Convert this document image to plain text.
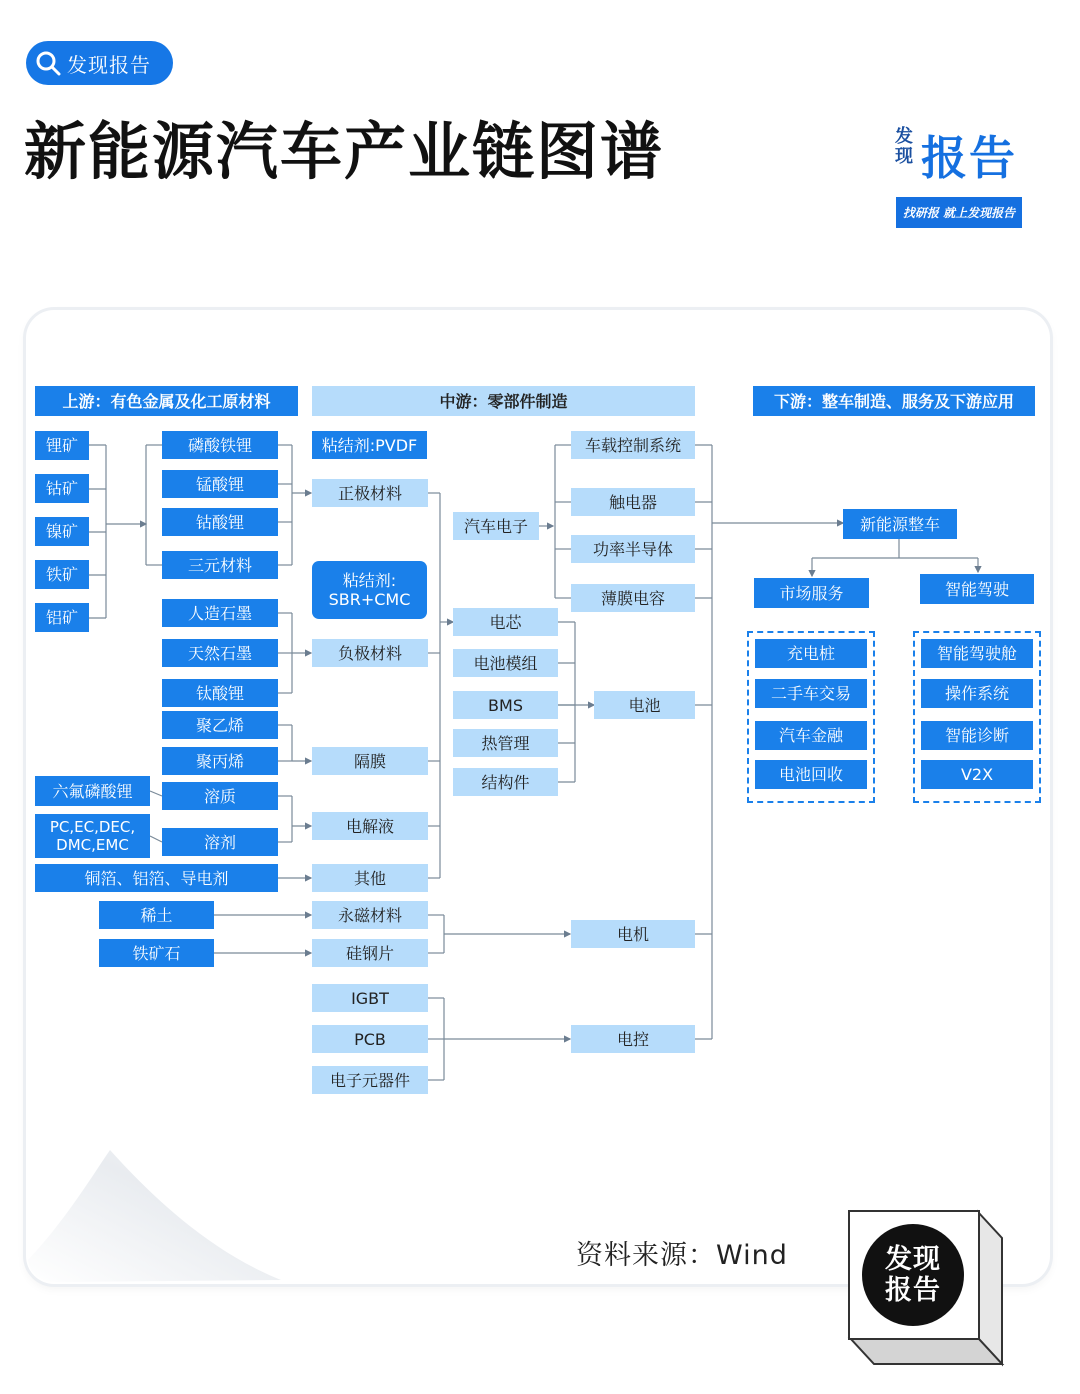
发现报告
新能源汽车产业链图谱	发现 报告
找研报 就上发现报告
上游：有色金属及化工原材料	中游：零部件制造	下游：整车制造、服务及下游应用
锂矿
钴矿
镍矿
铁矿
铝矿
磷酸铁锂
锰酸锂
钴酸锂
三元材料
人造石墨
天然石墨
钛酸锂
聚乙烯
聚丙烯
六氟磷酸锂	溶质
PC,EC,DEC,
DMC,EMC	溶剂
铜箔、铝箔、导电剂
稀土
铁矿石
粘结剂:PVDF
粘结剂:
SBR+CMC
正极材料
负极材料
隔膜
电解液
其他
永磁材料
硅钢片
IGBT
PCB
电子元器件
汽车电子
车载控制系统
触电器
功率半导体
薄膜电容
电芯
电池模组
BMS
热管理
结构件
电池
电机
电控
新能源整车
市场服务	智能驾驶
充电桩
二手车交易
汽车金融
电池回收
智能驾驶舱
操作系统
智能诊断
V2X
资料来源：Wind	发现
报告
